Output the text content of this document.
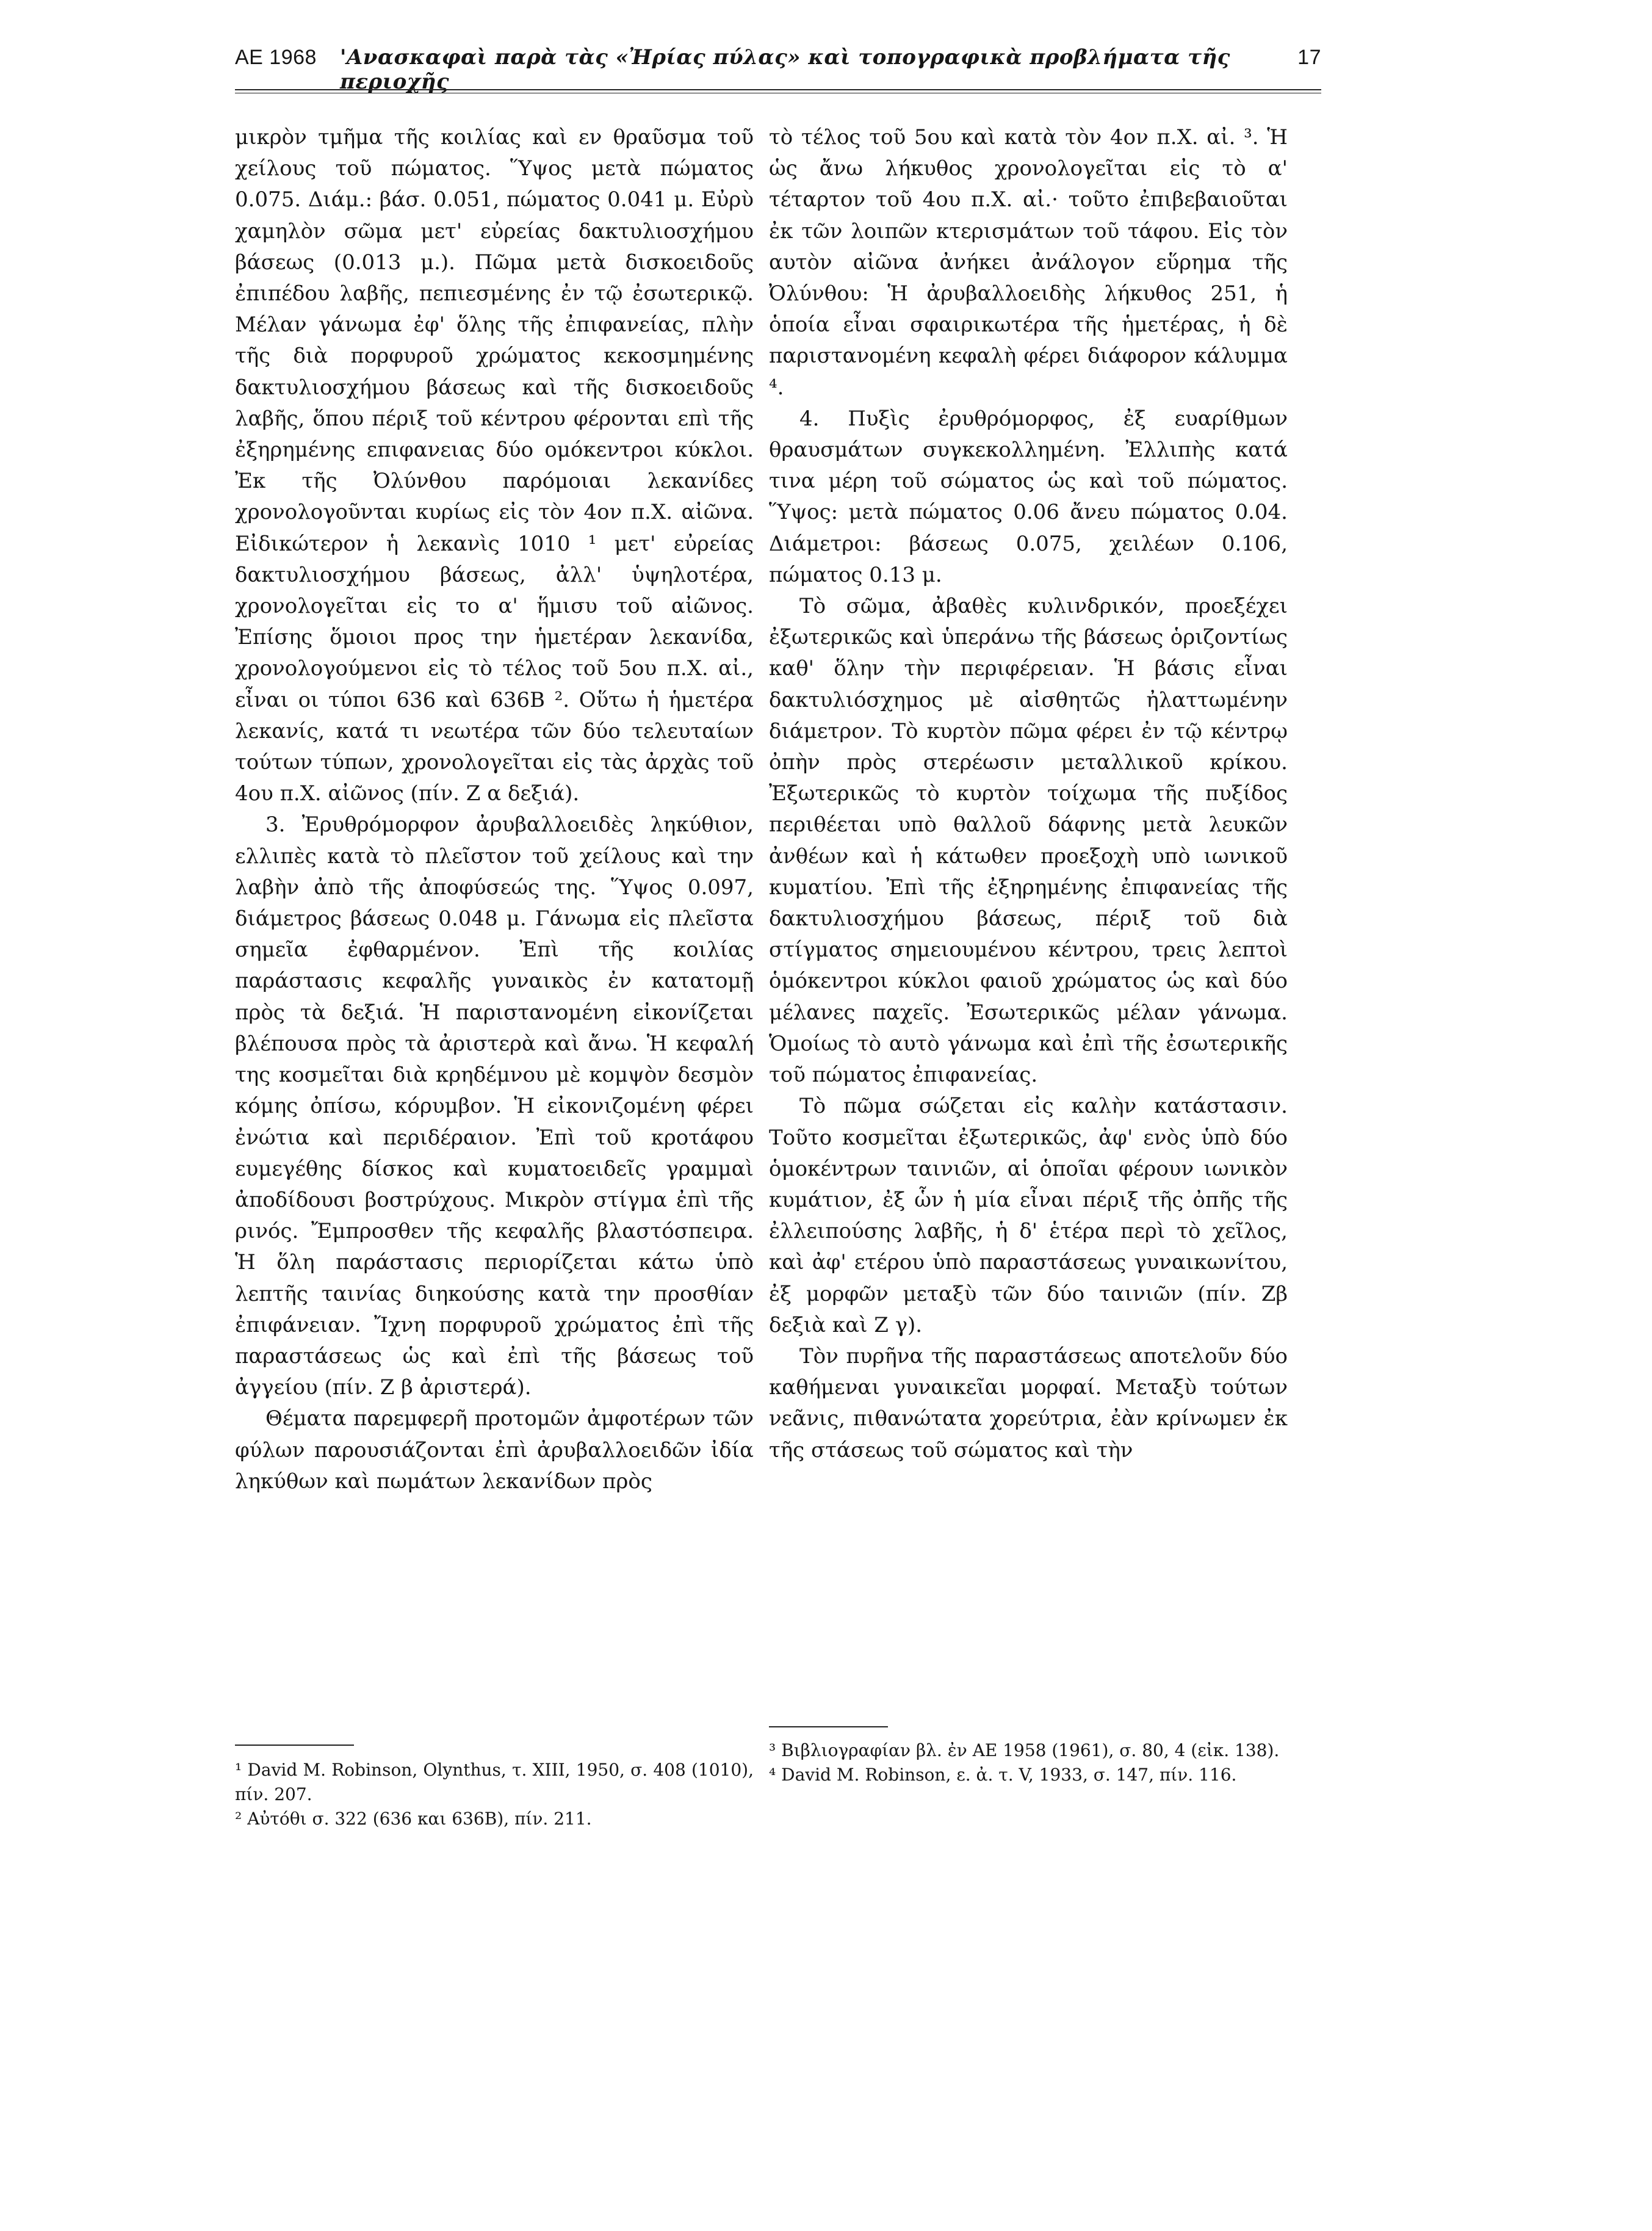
ΑΕ 1968 'Ανασκαφαὶ παρὰ τὰς «Ἠρίας πύλας» καὶ τοπογραφικὰ προβλήματα τῆς περιοχῆς
17

μικρὸν τμῆμα τῆς κοιλίας καὶ εν θραῦσμα τοῦ χείλους τοῦ πώματος. Ὕψος μετὰ πώματος 0.075. Διάμ.: βάσ. 0.051, πώματος 0.041 μ. Εὐρὺ χαμηλὸν σῶμα μετ' εὐρείας δακτυλιοσχήμου βάσεως (0.013 μ.). Πῶμα μετὰ δισκοειδοῦς ἐπιπέδου λαβῆς, πεπιεσμένης ἐν τῷ ἐσωτερικῷ. Μέλαν γάνωμα ἐφ' ὅλης τῆς ἐπιφανείας, πλὴν τῆς διὰ πορφυροῦ χρώματος κεκοσμημένης δακτυλιοσχήμου βάσεως καὶ τῆς δισκοειδοῦς λαβῆς, ὅπου πέριξ τοῦ κέντρου φέρονται επὶ τῆς ἐξηρημένης επιφανειας δύο ομόκεντροι κύκλοι. Ἐκ τῆς Ὀλύνθου παρόμοιαι λεκανίδες χρονολογοῦνται κυρίως εἰς τὸν 4ον π.Χ. αἰῶνα. Εἰδικώτερον ἡ λεκανὶς 1010 ¹ μετ' εὐρείας δακτυλιοσχήμου βάσεως, ἀλλ' ὑψηλοτέρα, χρονολογεῖται εἰς το α' ἥμισυ τοῦ αἰῶνος. Ἐπίσης ὅμοιοι προς την ἡμετέραν λεκανίδα, χρονολογούμενοι εἰς τὸ τέλος τοῦ 5ου π.Χ. αἰ., εἶναι οι τύποι 636 καὶ 636Β ². Οὕτω ἡ ἡμετέρα λεκανίς, κατά τι νεωτέρα τῶν δύο τελευταίων τούτων τύπων, χρονολογεῖται εἰς τὰς ἀρχὰς τοῦ 4ου π.Χ. αἰῶνος (πίν. Ζ α δεξιά).

3. Ἐρυθρόμορφον ἀρυβαλλοειδὲς ληκύθιον, ελλιπὲς κατὰ τὸ πλεῖστον τοῦ χείλους καὶ την λαβὴν ἀπὸ τῆς ἀποφύσεώς της. Ὕψος 0.097, διάμετρος βάσεως 0.048 μ. Γάνωμα εἰς πλεῖστα σημεῖα ἐφθαρμένον. Ἐπὶ τῆς κοιλίας παράστασις κεφαλῆς γυναικὸς ἐν κατατομῇ πρὸς τὰ δεξιά. Ἡ παριστανομένη εἰκονίζεται βλέπουσα πρὸς τὰ ἀριστερὰ καὶ ἄνω. Ἡ κεφαλή της κοσμεῖται διὰ κρηδέμνου μὲ κομψὸν δεσμὸν κόμης ὀπίσω, κόρυμβον. Ἡ εἰκονιζομένη φέρει ἐνώτια καὶ περιδέραιον. Ἐπὶ τοῦ κροτάφου ευμεγέθης δίσκος καὶ κυματοειδεῖς γραμμαὶ ἀποδίδουσι βοστρύχους. Μικρὸν στίγμα ἐπὶ τῆς ρινός. Ἔμπροσθεν τῆς κεφαλῆς βλαστόσπειρα. Ἡ ὅλη παράστασις περιορίζεται κάτω ὑπὸ λεπτῆς ταινίας διηκούσης κατὰ την προσθίαν ἐπιφάνειαν. Ἴχνη πορφυροῦ χρώματος ἐπὶ τῆς παραστάσεως ὡς καὶ ἐπὶ τῆς βάσεως τοῦ ἀγγείου (πίν. Ζ β ἀριστερά).

Θέματα παρεμφερῆ προτομῶν ἀμφοτέρων τῶν φύλων παρουσιάζονται ἐπὶ ἀρυβαλλοειδῶν ἰδία ληκύθων καὶ πωμάτων λεκανίδων πρὸς

τὸ τέλος τοῦ 5ου καὶ κατὰ τὸν 4ον π.Χ. αἰ. ³. Ἡ ὡς ἄνω λήκυθος χρονολογεῖται εἰς τὸ α' τέταρτον τοῦ 4ου π.Χ. αἰ.· τοῦτο ἐπιβεβαιοῦται ἐκ τῶν λοιπῶν κτερισμάτων τοῦ τάφου. Εἰς τὸν αυτὸν αἰῶνα ἀνήκει ἀνάλογον εὕρημα τῆς Ὀλύνθου: Ἡ ἀρυβαλλοειδὴς λήκυθος 251, ἡ ὁποία εἶναι σφαιρικωτέρα τῆς ἡμετέρας, ἡ δὲ παριστανομένη κεφαλὴ φέρει διάφορον κάλυμμα ⁴.

4. Πυξὶς ἐρυθρόμορφος, ἐξ ευαρίθμων θραυσμάτων συγκεκολλημένη. Ἐλλιπὴς κατά τινα μέρη τοῦ σώματος ὡς καὶ τοῦ πώματος. Ὕψος: μετὰ πώματος 0.06 ἄνευ πώματος 0.04. Διάμετροι: βάσεως 0.075, χειλέων 0.106, πώματος 0.13 μ.

Τὸ σῶμα, ἀβαθὲς κυλινδρικόν, προεξέχει ἐξωτερικῶς καὶ ὑπεράνω τῆς βάσεως ὁριζοντίως καθ' ὅλην τὴν περιφέρειαν. Ἡ βάσις εἶναι δακτυλιόσχημος μὲ αἰσθητῶς ἠλαττωμένην διάμετρον. Τὸ κυρτὸν πῶμα φέρει ἐν τῷ κέντρῳ ὀπὴν πρὸς στερέωσιν μεταλλικοῦ κρίκου. Ἐξωτερικῶς τὸ κυρτὸν τοίχωμα τῆς πυξίδος περιθέεται υπὸ θαλλοῦ δάφνης μετὰ λευκῶν ἀνθέων καὶ ἡ κάτωθεν προεξοχὴ υπὸ ιωνικοῦ κυματίου. Ἐπὶ τῆς ἐξηρημένης ἐπιφανείας τῆς δακτυλιοσχήμου βάσεως, πέριξ τοῦ διὰ στίγματος σημειουμένου κέντρου, τρεις λεπτοὶ ὁμόκεντροι κύκλοι φαιοῦ χρώματος ὡς καὶ δύο μέλανες παχεῖς. Ἐσωτερικῶς μέλαν γάνωμα. Ὁμοίως τὸ αυτὸ γάνωμα καὶ ἐπὶ τῆς ἐσωτερικῆς τοῦ πώματος ἐπιφανείας.

Τὸ πῶμα σώζεται εἰς καλὴν κατάστασιν. Τοῦτο κοσμεῖται ἐξωτερικῶς, ἀφ' ενὸς ὑπὸ δύο ὁμοκέντρων ταινιῶν, αἱ ὁποῖαι φέρουν ιωνικὸν κυμάτιον, ἐξ ὧν ἡ μία εἶναι πέριξ τῆς ὀπῆς τῆς ἐλλειπούσης λαβῆς, ἡ δ' ἑτέρα περὶ τὸ χεῖλος, καὶ ἀφ' ετέρου ὑπὸ παραστάσεως γυναικωνίτου, ἐξ μορφῶν μεταξὺ τῶν δύο ταινιῶν (πίν. Ζβ δεξιὰ καὶ Ζ γ).

Τὸν πυρῆνα τῆς παραστάσεως αποτελοῦν δύο καθήμεναι γυναικεῖαι μορφαί. Μεταξὺ τούτων νεᾶνις, πιθανώτατα χορεύτρια, ἐὰν κρίνωμεν ἐκ τῆς στάσεως τοῦ σώματος καὶ τὴν

¹ David M. Robinson, Olynthus, τ. XIII, 1950, σ. 408 (1010), πίν. 207.

² Αὐτόθι σ. 322 (636 και 636Β), πίν. 211.

³ Βιβλιογραφίαν βλ. ἐν ΑΕ 1958 (1961), σ. 80, 4 (εἰκ. 138).

⁴ David M. Robinson, ε. ἀ. τ. V, 1933, σ. 147, πίν. 116.
